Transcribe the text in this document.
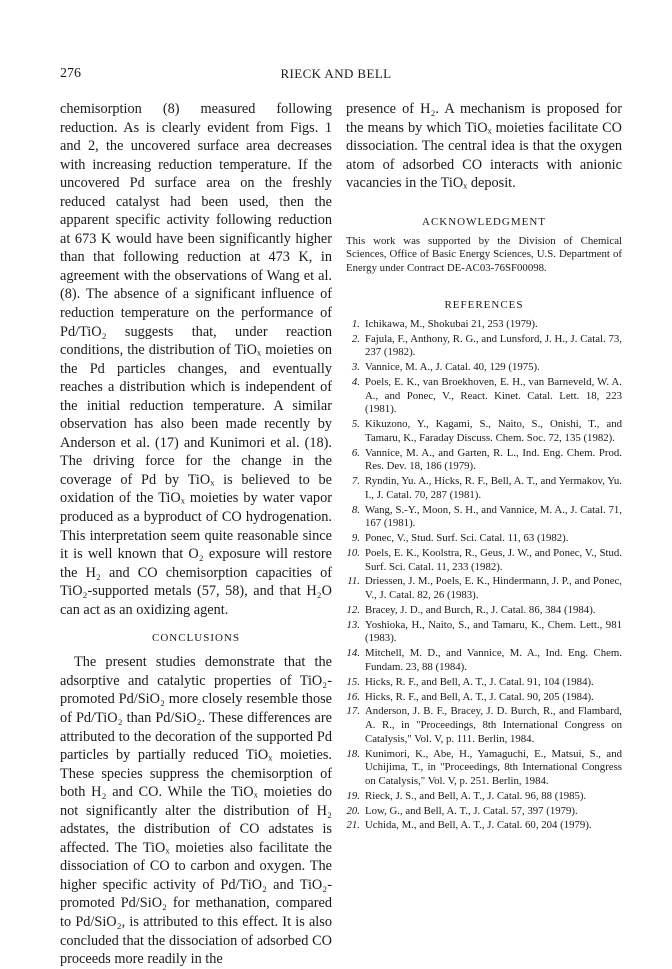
276	RIECK AND BELL

chemisorption (8) measured following reduction. As is clearly evident from Figs. 1 and 2, the uncovered surface area decreases with increasing reduction temperature. If the uncovered Pd surface area on the freshly reduced catalyst had been used, then the apparent specific activity following reduction at 673 K would have been significantly higher than that following reduction at 473 K, in agreement with the observations of Wang et al. (8). The absence of a significant influence of reduction temperature on the performance of Pd/TiO₂ suggests that, under reaction conditions, the distribution of TiOₓ moieties on the Pd particles changes, and eventually reaches a distribution which is independent of the initial reduction temperature. A similar observation has also been made recently by Anderson et al. (17) and Kunimori et al. (18). The driving force for the change in the coverage of Pd by TiOₓ is believed to be oxidation of the TiOₓ moieties by water vapor produced as a byproduct of CO hydrogenation. This interpretation seem quite reasonable since it is well known that O₂ exposure will restore the H₂ and CO chemisorption capacities of TiO₂-supported metals (57, 58), and that H₂O can act as an oxidizing agent.

CONCLUSIONS

The present studies demonstrate that the adsorptive and catalytic properties of TiO₂-promoted Pd/SiO₂ more closely resemble those of Pd/TiO₂ than Pd/SiO₂. These differences are attributed to the decoration of the supported Pd particles by partially reduced TiOₓ moieties. These species suppress the chemisorption of both H₂ and CO. While the TiOₓ moieties do not significantly alter the distribution of H₂ adstates, the distribution of CO adstates is affected. The TiOₓ moieties also facilitate the dissociation of CO to carbon and oxygen. The higher specific activity of Pd/TiO₂ and TiO₂-promoted Pd/SiO₂ for methanation, compared to Pd/SiO₂, is attributed to this effect. It is also concluded that the dissociation of adsorbed CO proceeds more readily in the

presence of H₂. A mechanism is proposed for the means by which TiOₓ moieties facilitate CO dissociation. The central idea is that the oxygen atom of adsorbed CO interacts with anionic vacancies in the TiOₓ deposit.

ACKNOWLEDGMENT

This work was supported by the Division of Chemical Sciences, Office of Basic Energy Sciences, U.S. Department of Energy under Contract DE-AC03-76SF00098.

REFERENCES

1. Ichikawa, M., Shokubai 21, 253 (1979).
2. Fajula, F., Anthony, R. G., and Lunsford, J. H., J. Catal. 73, 237 (1982).
3. Vannice, M. A., J. Catal. 40, 129 (1975).
4. Poels, E. K., van Broekhoven, E. H., van Barneveld, W. A. A., and Ponec, V., React. Kinet. Catal. Lett. 18, 223 (1981).
5. Kikuzono, Y., Kagami, S., Naito, S., Onishi, T., and Tamaru, K., Faraday Discuss. Chem. Soc. 72, 135 (1982).
6. Vannice, M. A., and Garten, R. L., Ind. Eng. Chem. Prod. Res. Dev. 18, 186 (1979).
7. Ryndin, Yu. A., Hicks, R. F., Bell, A. T., and Yermakov, Yu. I., J. Catal. 70, 287 (1981).
8. Wang, S.-Y., Moon, S. H., and Vannice, M. A., J. Catal. 71, 167 (1981).
9. Ponec, V., Stud. Surf. Sci. Catal. 11, 63 (1982).
10. Poels, E. K., Koolstra, R., Geus, J. W., and Ponec, V., Stud. Surf. Sci. Catal. 11, 233 (1982).
11. Driessen, J. M., Poels, E. K., Hindermann, J. P., and Ponec, V., J. Catal. 82, 26 (1983).
12. Bracey, J. D., and Burch, R., J. Catal. 86, 384 (1984).
13. Yoshioka, H., Naito, S., and Tamaru, K., Chem. Lett., 981 (1983).
14. Mitchell, M. D., and Vannice, M. A., Ind. Eng. Chem. Fundam. 23, 88 (1984).
15. Hicks, R. F., and Bell, A. T., J. Catal. 91, 104 (1984).
16. Hicks, R. F., and Bell, A. T., J. Catal. 90, 205 (1984).
17. Anderson, J. B. F., Bracey, J. D. Burch, R., and Flambard, A. R., in "Proceedings, 8th International Congress on Catalysis," Vol. V, p. 111. Berlin, 1984.
18. Kunimori, K., Abe, H., Yamaguchi, E., Matsui, S., and Uchijima, T., in "Proceedings, 8th International Congress on Catalysis," Vol. V, p. 251. Berlin, 1984.
19. Rieck, J. S., and Bell, A. T., J. Catal. 96, 88 (1985).
20. Low, G., and Bell, A. T., J. Catal. 57, 397 (1979).
21. Uchida, M., and Bell, A. T., J. Catal. 60, 204 (1979).
